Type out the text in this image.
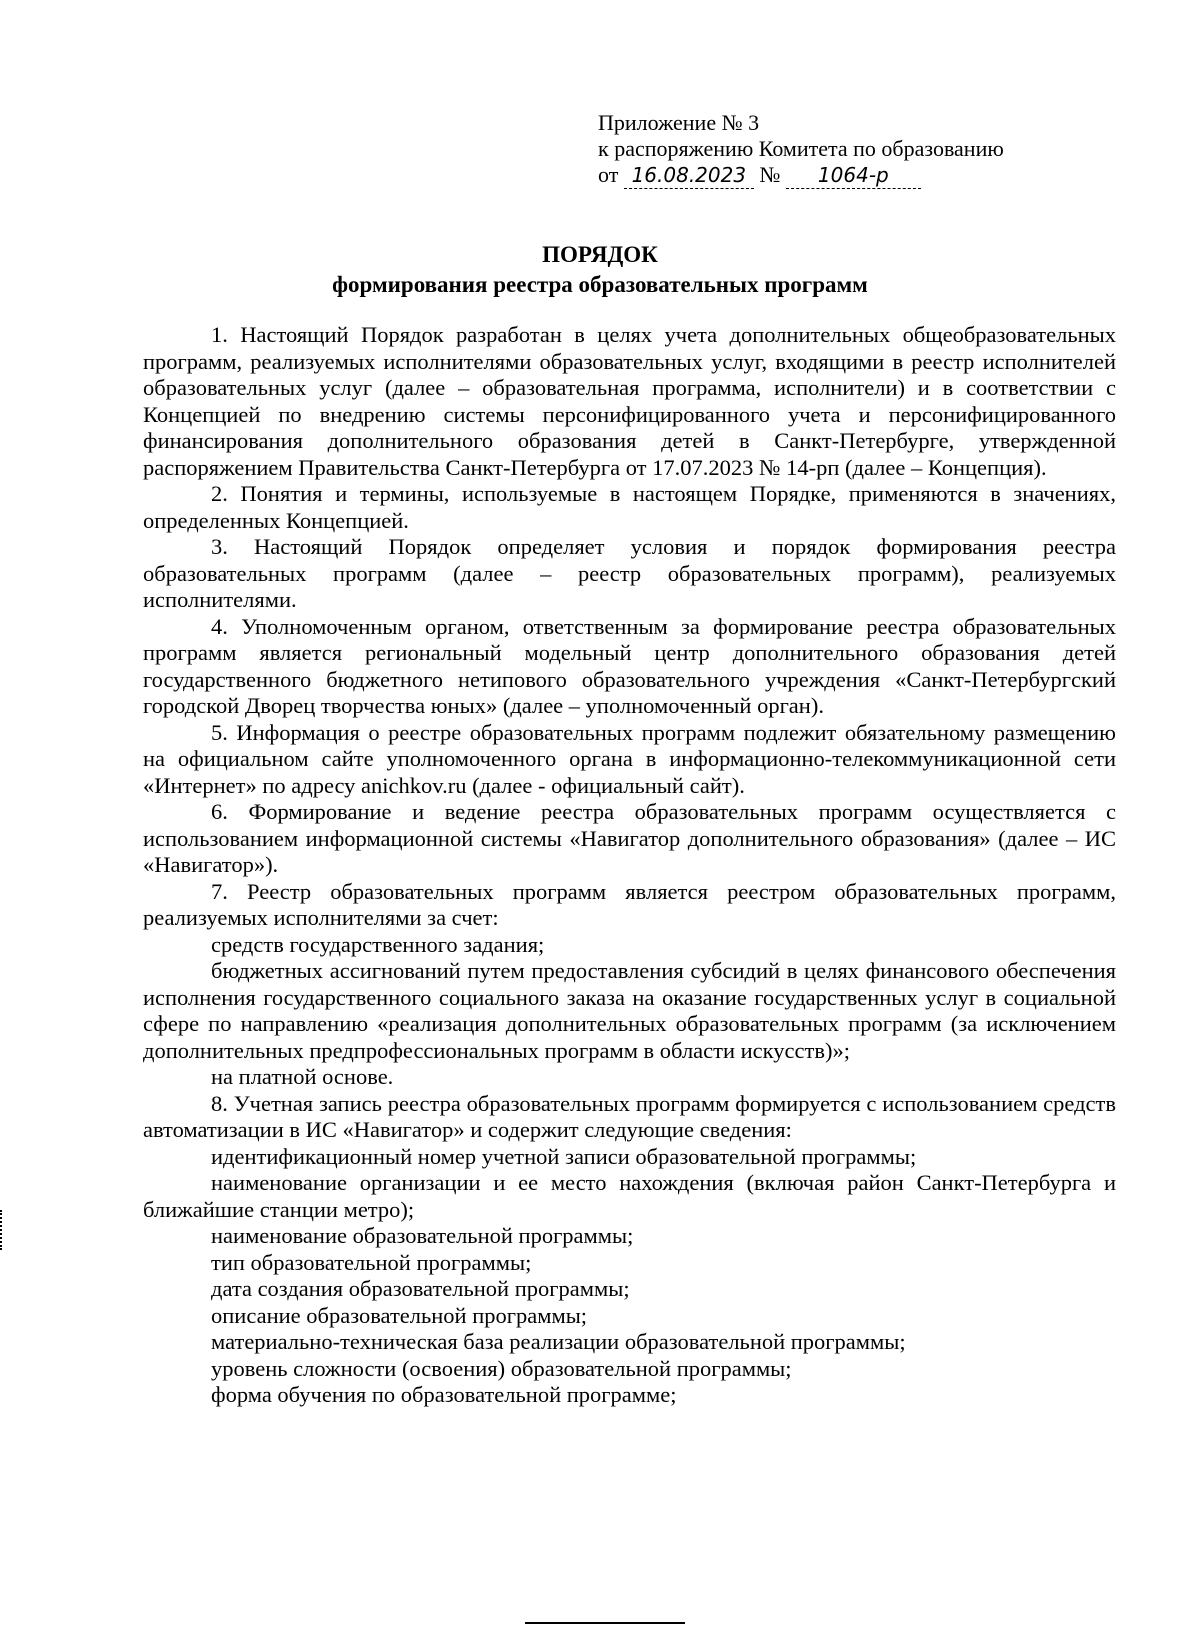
Приложение № 3
к распоряжению Комитета по образованию
от 16.08.2023 № 1064-р
ПОРЯДОК
формирования реестра образовательных программ

1. Настоящий Порядок разработан в целях учета дополнительных общеобразовательных программ, реализуемых исполнителями образовательных услуг, входящими в реестр исполнителей образовательных услуг (далее – образовательная программа, исполнители) и в соответствии с Концепцией по внедрению системы персонифицированного учета и персонифицированного финансирования дополнительного образования детей в Санкт-Петербурге, утвержденной распоряжением Правительства Санкт-Петербурга от 17.07.2023 № 14-рп (далее – Концепция).

2. Понятия и термины, используемые в настоящем Порядке, применяются в значениях, определенных Концепцией.

3. Настоящий Порядок определяет условия и порядок формирования реестра образовательных программ (далее – реестр образовательных программ), реализуемых исполнителями.

4. Уполномоченным органом, ответственным за формирование реестра образовательных программ является региональный модельный центр дополнительного образования детей государственного бюджетного нетипового образовательного учреждения «Санкт-Петербургский городской Дворец творчества юных» (далее – уполномоченный орган).

5. Информация о реестре образовательных программ подлежит обязательному размещению на официальном сайте уполномоченного органа в информационно-телекоммуникационной сети «Интернет» по адресу anichkov.ru (далее - официальный сайт).

6. Формирование и ведение реестра образовательных программ осуществляется с использованием информационной системы «Навигатор дополнительного образования» (далее – ИС «Навигатор»).

7. Реестр образовательных программ является реестром образовательных программ, реализуемых исполнителями за счет:

средств государственного задания;

бюджетных ассигнований путем предоставления субсидий в целях финансового обеспечения исполнения государственного социального заказа на оказание государственных услуг в социальной сфере по направлению «реализация дополнительных образовательных программ (за исключением дополнительных предпрофессиональных программ в области искусств)»;

на платной основе.

8. Учетная запись реестра образовательных программ формируется с использованием средств автоматизации в ИС «Навигатор» и содержит следующие сведения:

идентификационный номер учетной записи образовательной программы;

наименование организации и ее место нахождения (включая район Санкт-Петербурга и ближайшие станции метро);

наименование образовательной программы;

тип образовательной программы;

дата создания образовательной программы;

описание образовательной программы;

материально-техническая база реализации образовательной программы;

уровень сложности (освоения) образовательной программы;

форма обучения по образовательной программе;
